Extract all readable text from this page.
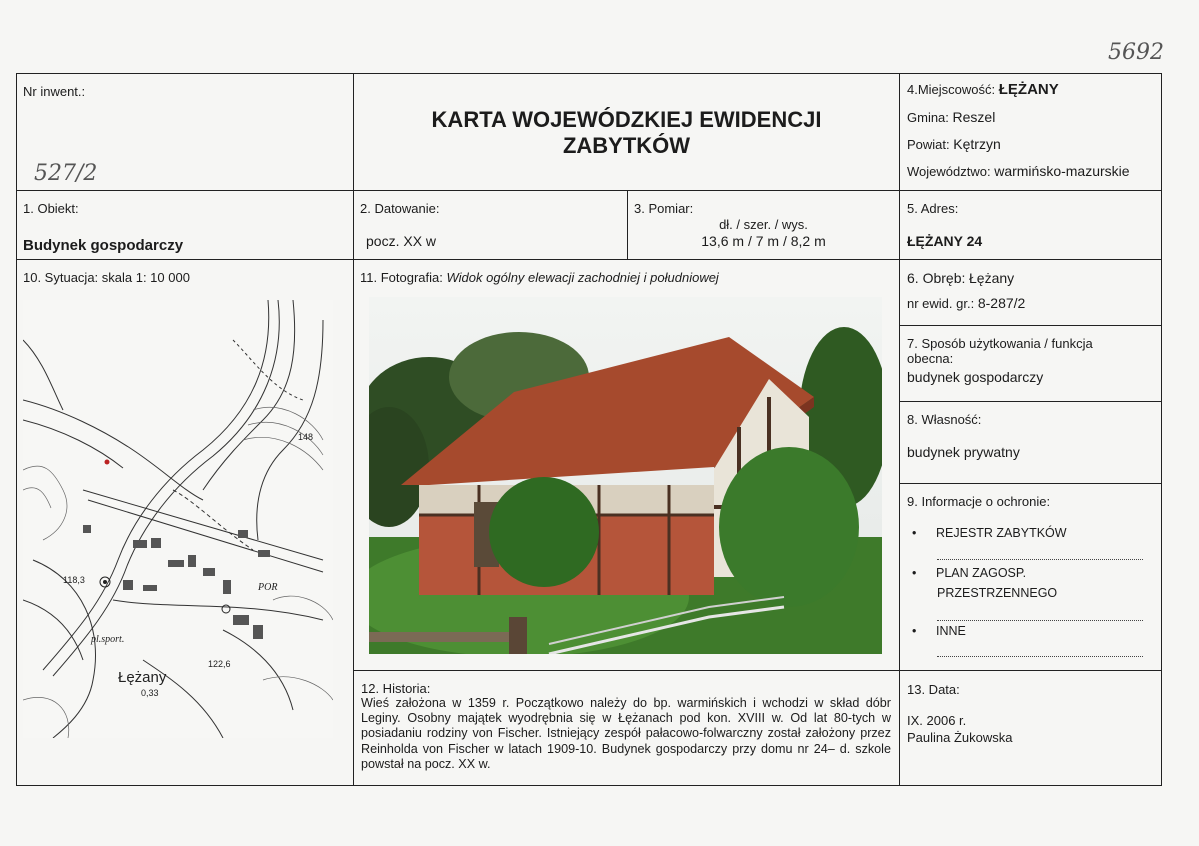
5692
Nr inwent.:
527/2
KARTA WOJEWÓDZKIEJ EWIDENCJI
ZABYTKÓW
4.Miejscowość: ŁĘŻANY
Gmina: Reszel
Powiat: Kętrzyn
Województwo: warmińsko-mazurskie
1. Obiekt:
Budynek gospodarczy
2. Datowanie:
pocz. XX w
3. Pomiar:
dł. / szer. / wys.
13,6 m / 7 m / 8,2 m
5. Adres:
ŁĘŻANY 24
10. Sytuacja: skala 1: 10 000
148
118,3
122,6
pl.sport.
POR
Łężany
0,33
11. Fotografia: Widok ogólny elewacji zachodniej i południowej	6. Obręb: Łężany
nr ewid. gr.: 8-287/2
7. Sposób użytkowania / funkcja
obecna:
budynek gospodarczy
8. Własność:
budynek prywatny
9. Informacje o ochronie:
• REJESTR ZABYTKÓW
• PLAN ZAGOSP.
PRZESTRZENNEGO
• INNE
12. Historia:
Wieś założona w 1359 r. Początkowo należy do bp. warmińskich i wchodzi w skład dóbr Leginy. Osobny majątek wyodrębnia się w Łężanach pod kon. XVIII w. Od lat 80-tych w posiadaniu rodziny von Fischer. Istniejący zespół pałacowo-folwarczny został założony przez Reinholda von Fischer w latach 1909-10. Budynek gospodarczy przy domu nr 24– d. szkole powstał na pocz. XX w.
13. Data:
IX. 2006 r.
Paulina Żukowska
